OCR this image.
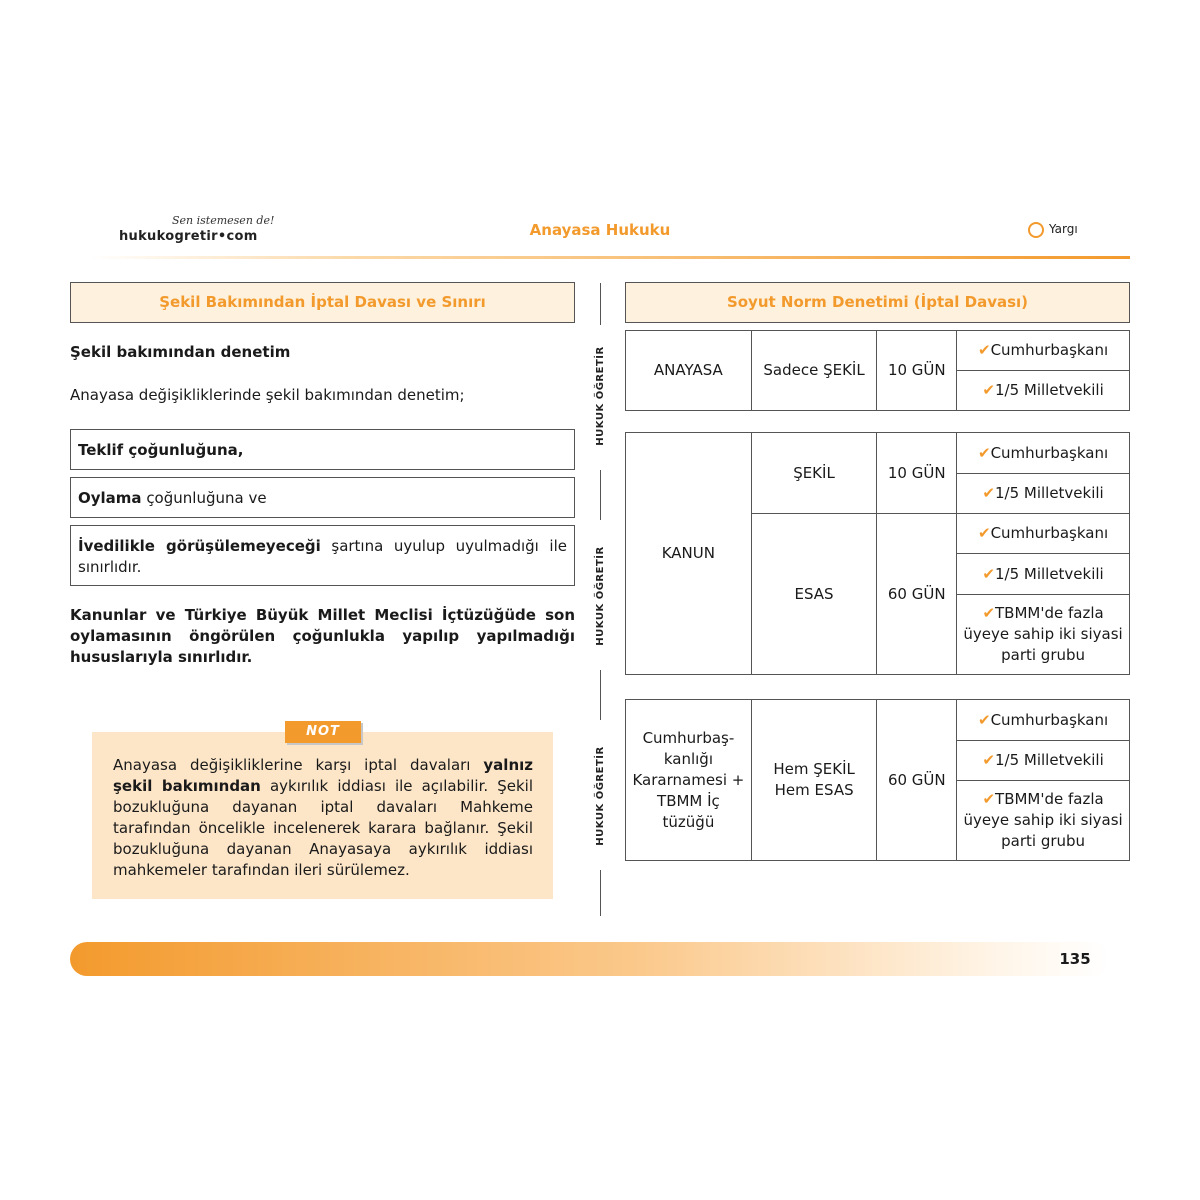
Sen istemesen de!
hukukogretir•com	Anayasa Hukuku	Yargı
Şekil Bakımından İptal Davası ve Sınırı
Şekil bakımından denetim
Anayasa değişikliklerinde şekil bakımından denetim;
Teklif çoğunluğuna,
Oylama çoğunluğuna ve
İvedilikle görüşülemeyeceği şartına uyulup uyulmadığı ile sınırlıdır.
Kanunlar ve Türkiye Büyük Millet Meclisi İçtüzüğüde son oylamasının öngörülen çoğunlukla yapılıp yapılmadığı hususlarıyla sınırlıdır.
NOT
Anayasa değişikliklerine karşı iptal davaları yalnız şekil bakımından aykırılık iddiası ile açılabilir. Şekil bozukluğuna dayanan iptal davaları Mahkeme tarafından öncelikle incelenerek karara bağlanır. Şekil bozukluğuna dayanan Anayasaya aykırılık iddiası mahkemeler tarafından ileri sürülemez.
HUKUK ÖĞRETİR
HUKUK ÖĞRETİR
HUKUK ÖĞRETİR
Soyut Norm Denetimi (İptal Davası)
ANAYASA	Sadece ŞEKİL	10 GÜN	✔Cumhurbaşkanı
✔1/5 Milletvekili
KANUN	ŞEKİL	10 GÜN	✔Cumhurbaşkanı
			✔1/5 Milletvekili
	ESAS	60 GÜN	✔Cumhurbaşkanı
			✔1/5 Milletvekili
			✔TBMM'de fazla üyeye sahip iki siyasi parti grubu
Cumhurbaş-kanlığı Kararnamesi + TBMM İç tüzüğü	Hem ŞEKİL Hem ESAS	60 GÜN	✔Cumhurbaşkanı
✔1/5 Milletvekili
✔TBMM'de fazla üyeye sahip iki siyasi parti grubu
135
